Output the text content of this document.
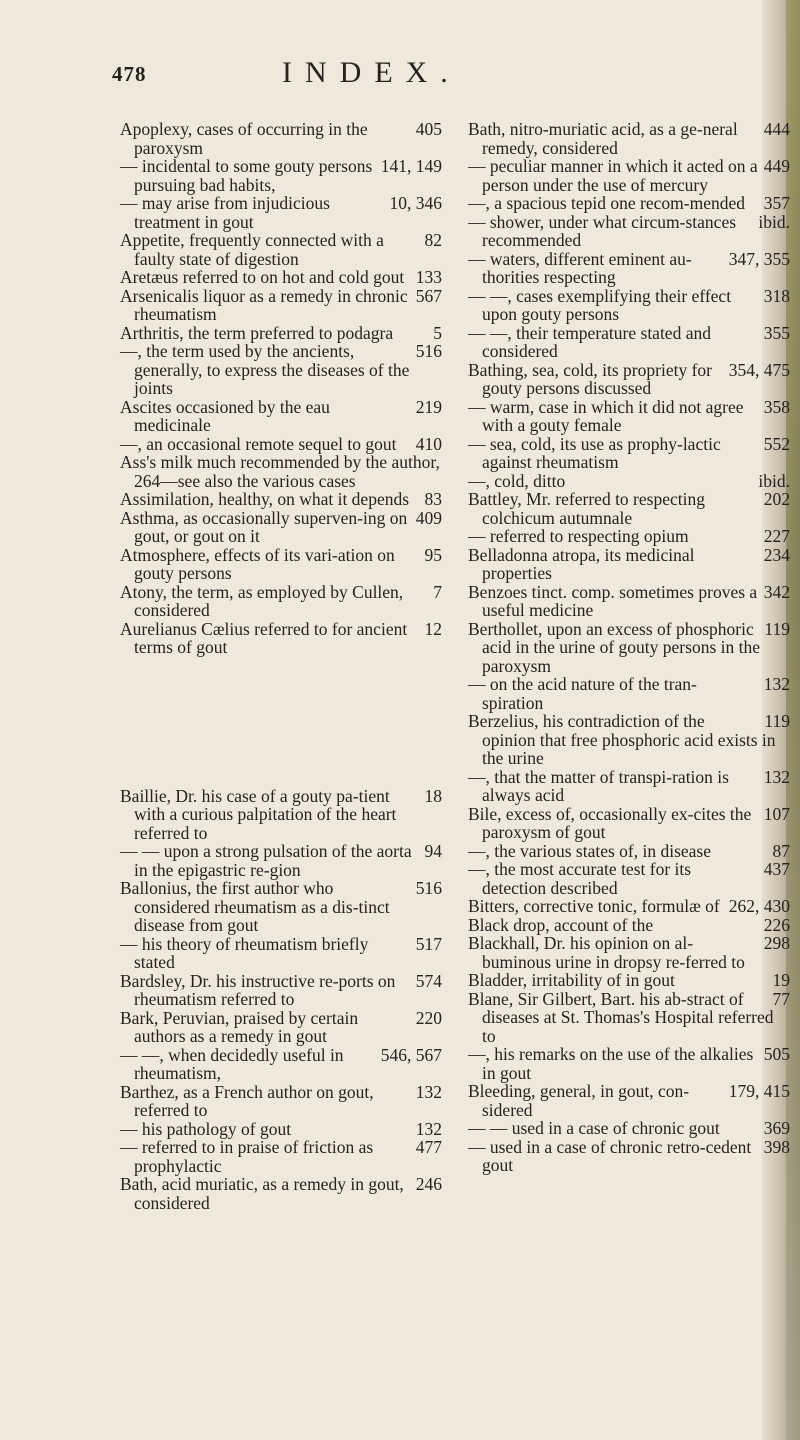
478	INDEX.

405
Apoplexy, cases of occurring in the paroxysm

141, 149
— incidental to some gouty persons pursuing bad habits,

10, 346
— may arise from injudicious treatment in gout

82
Appetite, frequently connected with a faulty state of digestion

133
Aretæus referred to on hot and cold gout

567
Arsenicalis liquor as a remedy in chronic rheumatism

5
Arthritis, the term preferred to podagra

516
—, the term used by the ancients, generally, to express the diseases of the joints

219
Ascites occasioned by the eau medicinale

410
—, an occasional remote sequel to gout

Ass's milk much recommended by the author, 264—see also the various cases

83
Assimilation, healthy, on what it depends

409
Asthma, as occasionally superven-ing on gout, or gout on it

95
Atmosphere, effects of its vari-ation on gouty persons

7
Atony, the term, as employed by Cullen, considered

12
Aurelianus Cælius referred to for ancient terms of gout

18
Baillie, Dr. his case of a gouty pa-tient with a curious palpitation of the heart referred to

94
— — upon a strong pulsation of the aorta in the epigastric re-gion

516
Ballonius, the first author who considered rheumatism as a dis-tinct disease from gout

517
— his theory of rheumatism briefly stated

574
Bardsley, Dr. his instructive re-ports on rheumatism referred to

220
Bark, Peruvian, praised by certain authors as a remedy in gout

546, 567
— —, when decidedly useful in rheumatism,

132
Barthez, as a French author on gout, referred to

132
— his pathology of gout

477
— referred to in praise of friction as prophylactic

246
Bath, acid muriatic, as a remedy in gout, considered

444
Bath, nitro-muriatic acid, as a ge-neral remedy, considered

449
— peculiar manner in which it acted on a person under the use of mercury

357
—, a spacious tepid one recom-mended

ibid.
— shower, under what circum-stances recommended

347, 355
— waters, different eminent au-thorities respecting

318
— —, cases exemplifying their effect upon gouty persons

355
— —, their temperature stated and considered

354, 475
Bathing, sea, cold, its propriety for gouty persons discussed

358
— warm, case in which it did not agree with a gouty female

552
— sea, cold, its use as prophy-lactic against rheumatism

ibid.
—, cold, ditto

202
Battley, Mr. referred to respecting colchicum autumnale

227
— referred to respecting opium

234
Belladonna atropa, its medicinal properties

342
Benzoes tinct. comp. sometimes proves a useful medicine

119
Berthollet, upon an excess of phosphoric acid in the urine of gouty persons in the paroxysm

132
— on the acid nature of the tran-spiration

119
Berzelius, his contradiction of the opinion that free phosphoric acid exists in the urine

132
—, that the matter of transpi-ration is always acid

107
Bile, excess of, occasionally ex-cites the paroxysm of gout

87
—, the various states of, in disease

437
—, the most accurate test for its detection described

262, 430
Bitters, corrective tonic, formulæ of

226
Black drop, account of the

298
Blackhall, Dr. his opinion on al-buminous urine in dropsy re-ferred to

19
Bladder, irritability of in gout

77
Blane, Sir Gilbert, Bart. his ab-stract of diseases at St. Thomas's Hospital referred to

505
—, his remarks on the use of the alkalies in gout

179, 415
Bleeding, general, in gout, con-sidered

369
— — used in a case of chronic gout

398
— used in a case of chronic retro-cedent gout
